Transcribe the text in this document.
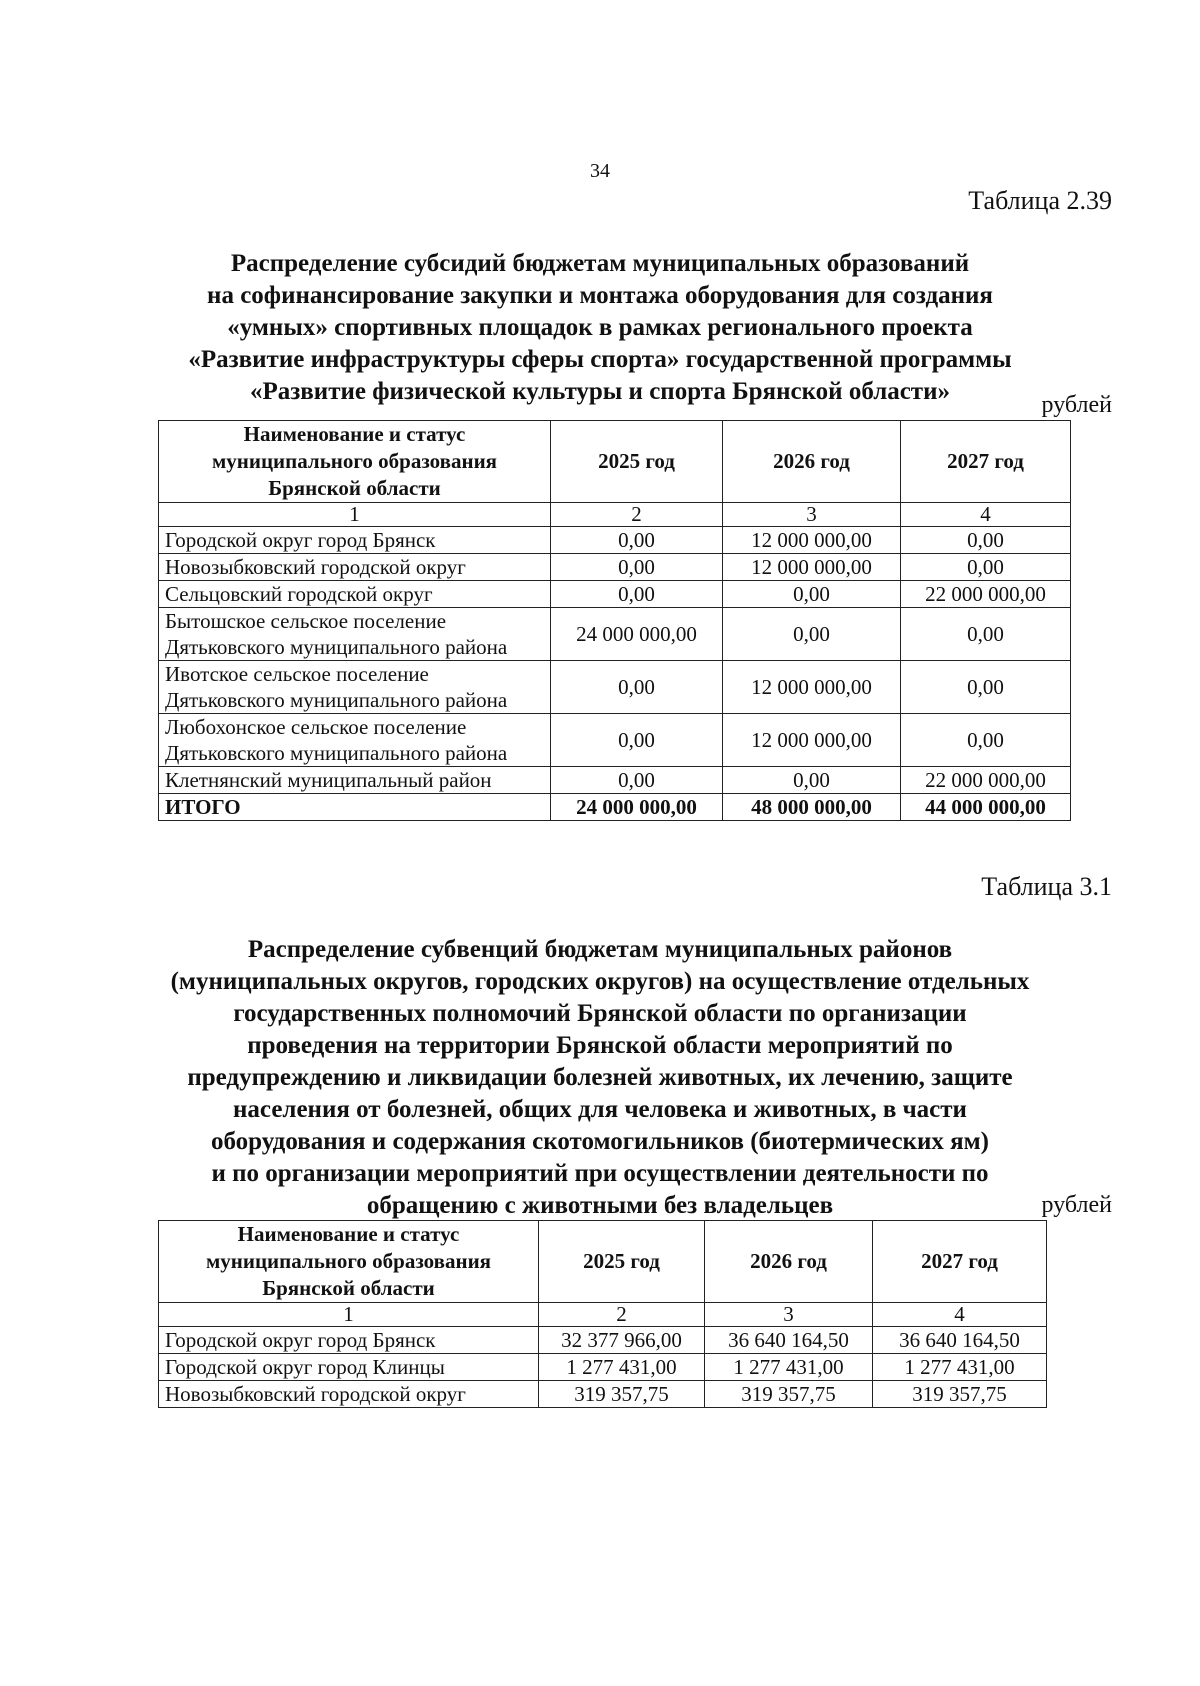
34
Таблица 2.39
Распределение субсидий бюджетам муниципальных образований
на софинансирование закупки и монтажа оборудования для создания
«умных» спортивных площадок в рамках регионального проекта
«Развитие инфраструктуры сферы спорта» государственной программы
«Развитие физической культуры и спорта Брянской области»	рублей
Наименование и статус
муниципального образования
Брянской области	2025 год	2026 год	2027 год
1	2	3	4
Городской округ город Брянск	0,00	12 000 000,00	0,00
Новозыбковский городской округ	0,00	12 000 000,00	0,00
Сельцовский городской округ	0,00	0,00	22 000 000,00
Бытошское сельское поселение Дятьковского муниципального района	24 000 000,00	0,00	0,00
Ивотское сельское поселение Дятьковского муниципального района	0,00	12 000 000,00	0,00
Любохонское сельское поселение Дятьковского муниципального района	0,00	12 000 000,00	0,00
Клетнянский муниципальный район	0,00	0,00	22 000 000,00
ИТОГО	24 000 000,00	48 000 000,00	44 000 000,00
Таблица 3.1
Распределение субвенций бюджетам муниципальных районов
(муниципальных округов, городских округов) на осуществление отдельных
государственных полномочий Брянской области по организации
проведения на территории Брянской области мероприятий по
предупреждению и ликвидации болезней животных, их лечению, защите
населения от болезней, общих для человека и животных, в части
оборудования и содержания скотомогильников (биотермических ям)
и по организации мероприятий при осуществлении деятельности по
обращению с животными без владельцев	рублей
Наименование и статус
муниципального образования
Брянской области	2025 год	2026 год	2027 год
1	2	3	4
Городской округ город Брянск	32 377 966,00	36 640 164,50	36 640 164,50
Городской округ город Клинцы	1 277 431,00	1 277 431,00	1 277 431,00
Новозыбковский городской округ	319 357,75	319 357,75	319 357,75
